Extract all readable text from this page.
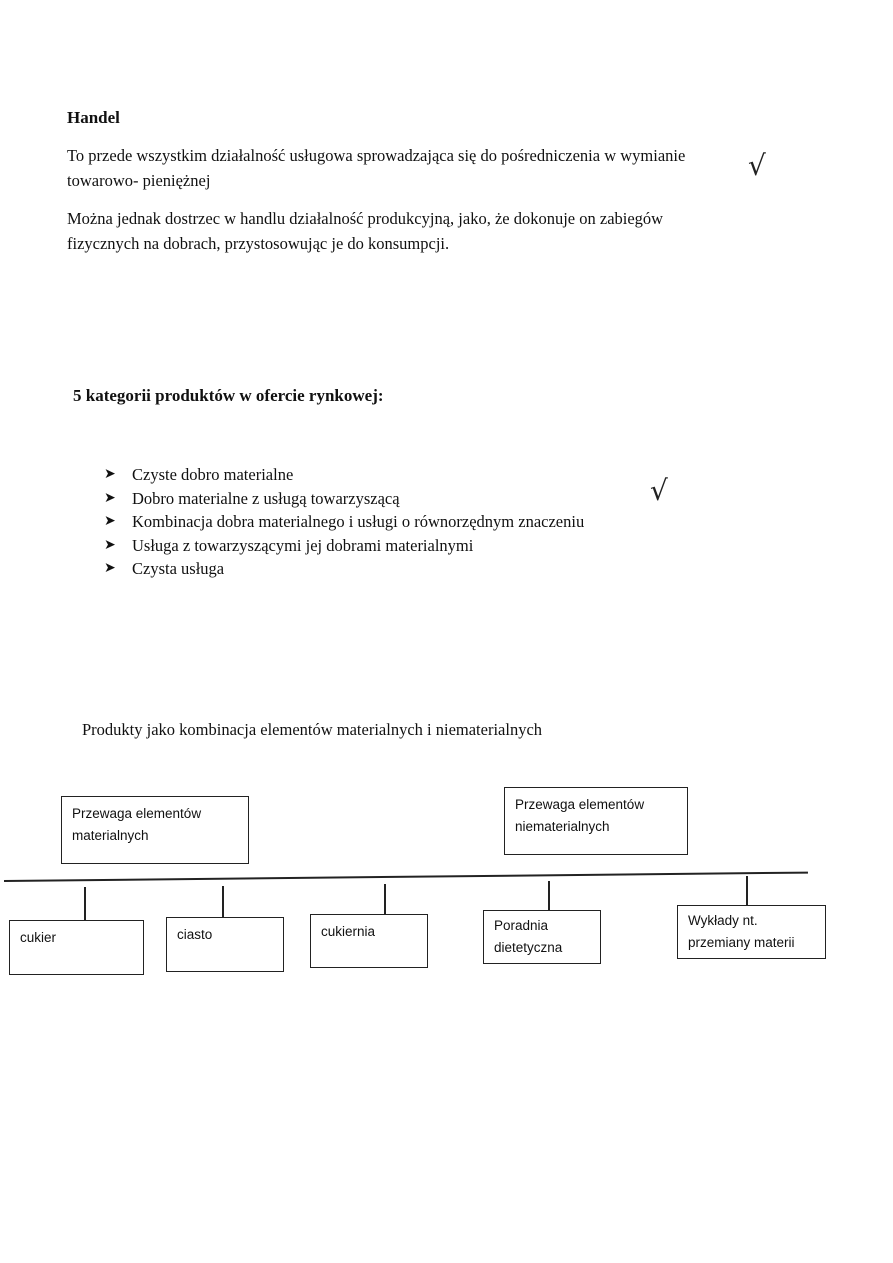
Handel
To przede wszystkim działalność usługowa sprowadzająca się do pośredniczenia w wymianie
towarowo- pieniężnej	√
Można jednak dostrzec w handlu działalność produkcyjną, jako, że dokonuje on zabiegów
fizycznych na dobrach, przystosowując je do konsumpcji.
5 kategorii produktów w ofercie rynkowej:
➤ Czyste dobro materialne
➤ Dobro materialne z usługą towarzyszącą
➤ Kombinacja dobra materialnego i usługi o równorzędnym znaczeniu
➤ Usługa z towarzyszącymi jej dobrami materialnymi
➤ Czysta usługa
√
Produkty jako kombinacja elementów materialnych i niematerialnych
Przewaga elementów
materialnych
Przewaga elementów
niematerialnych
cukier	ciasto	cukiernia	Poradnia
dietetyczna
Wykłady nt.
przemiany materii
